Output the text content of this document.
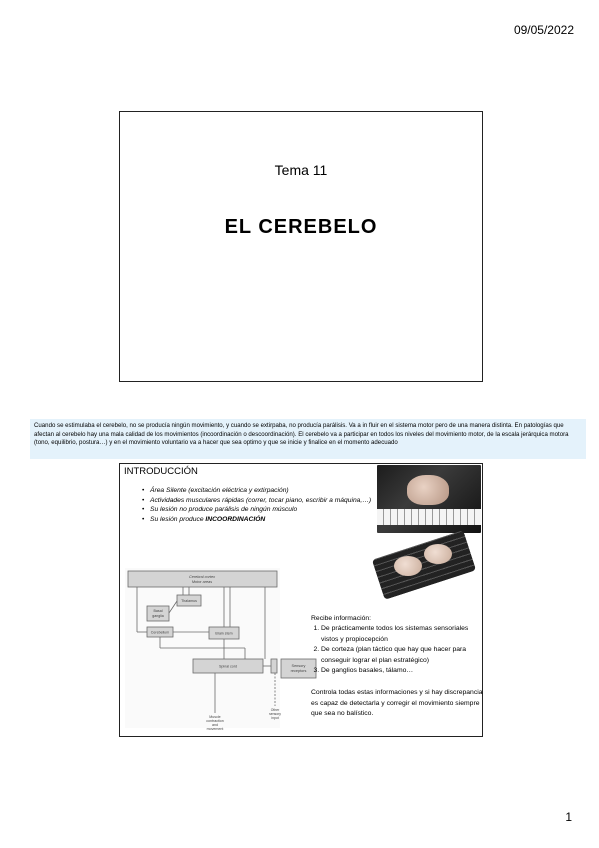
09/05/2022
Tema 11
EL CEREBELO
Cuando se estimulaba el cerebelo, no se producía ningún movimiento, y cuando se extirpaba, no producía parálisis. Va a in fluir en el sistema motor pero de una manera distinta. En patologías que afectan al cerebelo hay una mala calidad de los movimientos (incoordinación o descoordinación). El cerebelo va a participar en todos los niveles del movimiento motor, de la escala jerárquica motora (tono, equilibrio, postura…) y en el movimiento voluntario va a hacer que sea optimo y que se inicie y finalice en el momento adecuado
INTRODUCCIÓN
• Área Silente (excitación eléctrica y extirpación)
• Actividades musculares rápidas (correr, tocar piano, escribir a máquina,…)
• Su lesión no produce parálisis de ningún músculo
• Su lesión produce INCOORDINACIÓN
Cerebral cortex
Motor areas
Thalamus
Basal
ganglia
Cerebellum	Brain stem
Spinal cord
Muscle
contraction
and
movement
Other
sensory
input
Sensory
receptors
Recibe información:
1. De prácticamente todos los sistemas sensoriales vistos y propiocepción
2. De corteza (plan táctico que hay que hacer para conseguir lograr el plan estratégico)
3. De ganglios basales, tálamo…
Controla todas estas informaciones y si hay discrepancia es capaz de detectarla y corregir el movimiento siempre que sea no balístico.
1
